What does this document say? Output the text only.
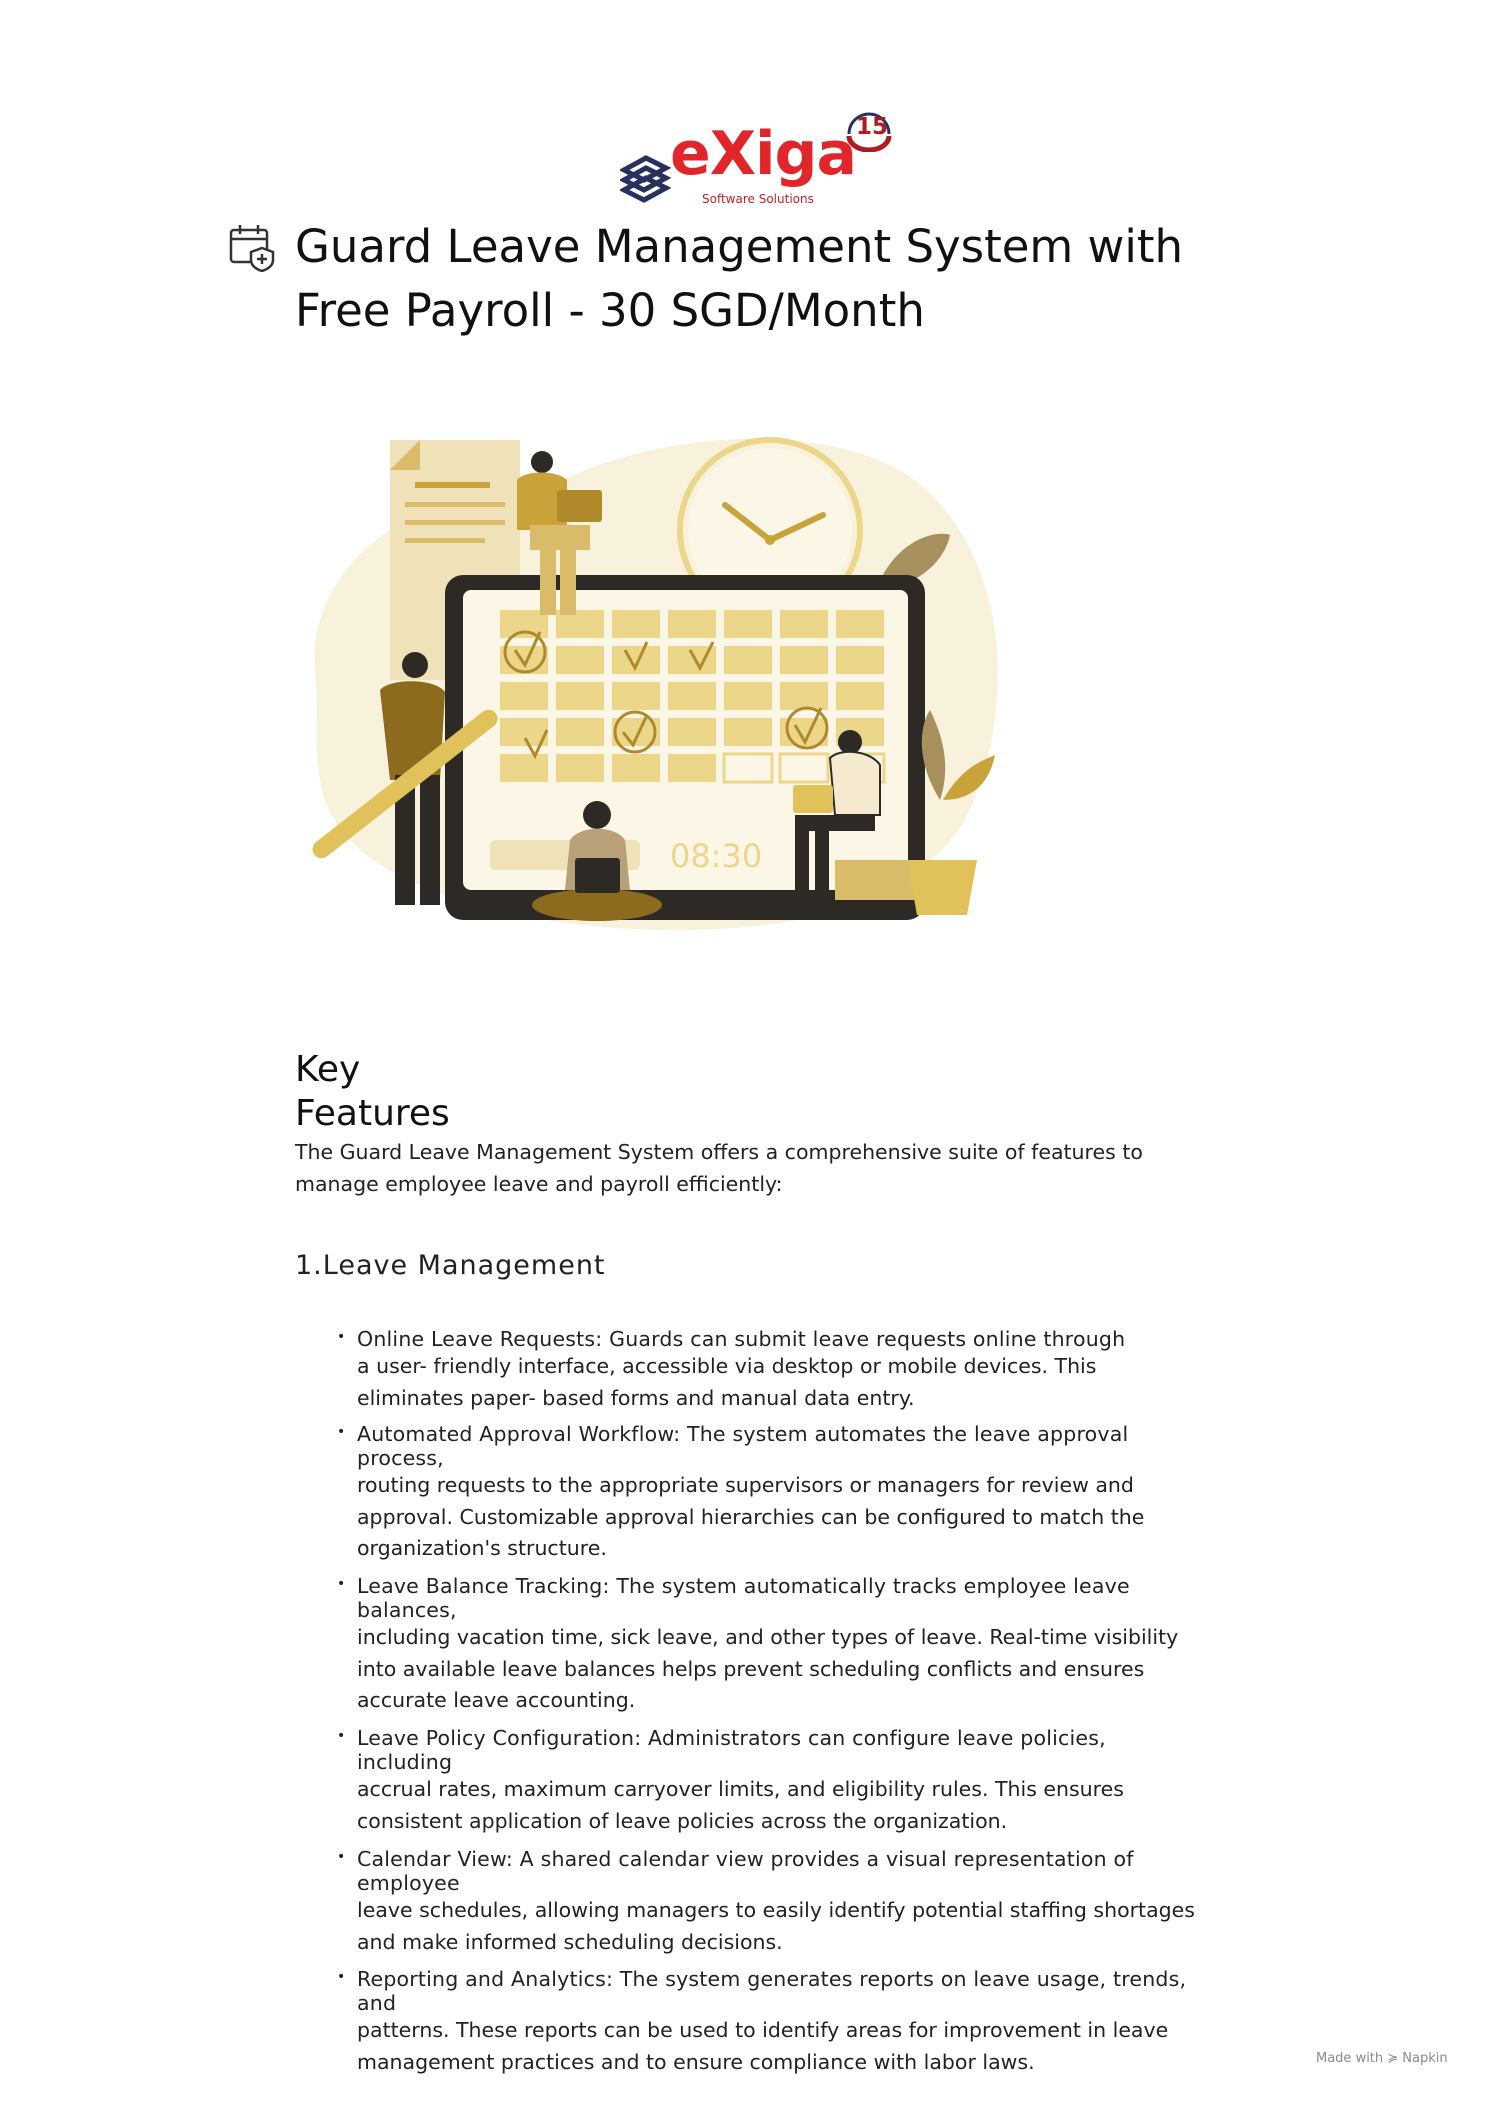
eXiga
Software Solutions
15
Guard Leave Management System with Free Payroll - 30 SGD/Month
08:30
Key Features

The Guard Leave Management System offers a comprehensive suite of features to manage employee leave and payroll efficiently:

1.Leave Management
• Online Leave Requests: Guards can submit leave requests online through
a user- friendly interface, accessible via desktop or mobile devices. This eliminates paper- based forms and manual data entry.
• Automated Approval Workflow: The system automates the leave approval process,
routing requests to the appropriate supervisors or managers for review and approval. Customizable approval hierarchies can be configured to match the organization's structure.
• Leave Balance Tracking: The system automatically tracks employee leave balances,
including vacation time, sick leave, and other types of leave. Real-time visibility into available leave balances helps prevent scheduling conflicts and ensures accurate leave accounting.
• Leave Policy Configuration: Administrators can configure leave policies, including
accrual rates, maximum carryover limits, and eligibility rules. This ensures consistent application of leave policies across the organization.
• Calendar View: A shared calendar view provides a visual representation of employee
leave schedules, allowing managers to easily identify potential staffing shortages and make informed scheduling decisions.
• Reporting and Analytics: The system generates reports on leave usage, trends, and
patterns. These reports can be used to identify areas for improvement in leave management practices and to ensure compliance with labor laws.	Made with ≽ Napkin
